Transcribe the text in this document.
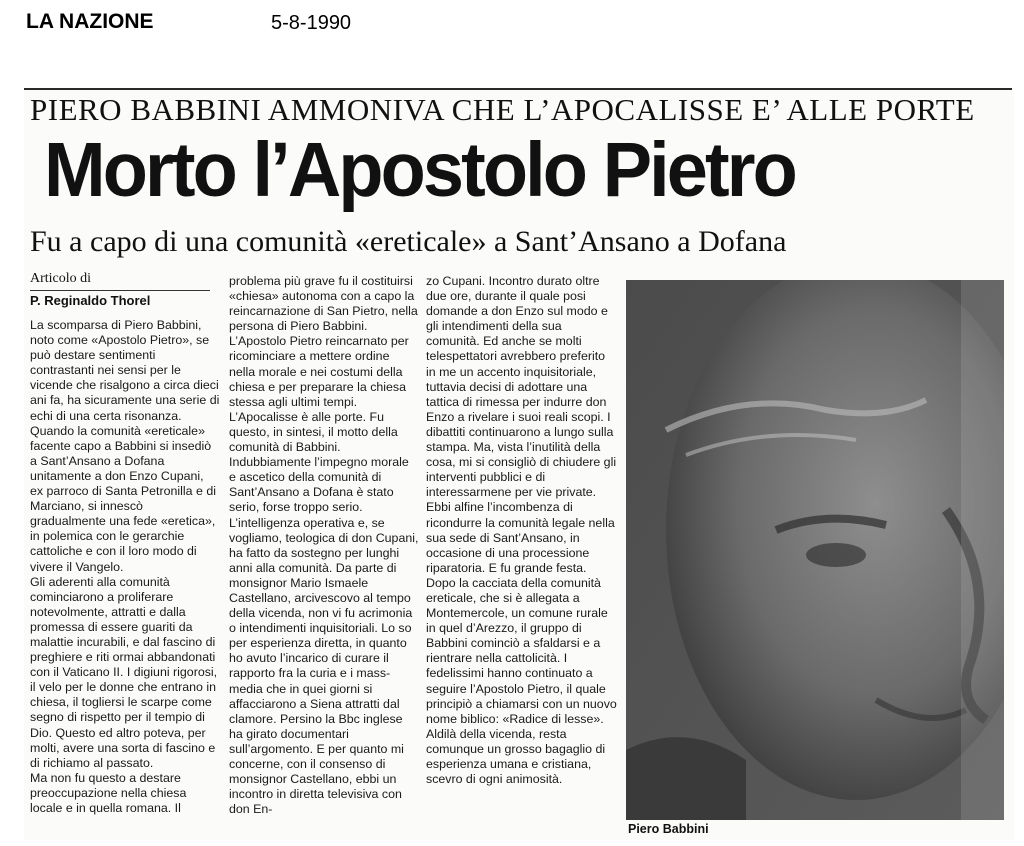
LA NAZIONE	5-8-1990
PIERO BABBINI AMMONIVA CHE L’APOCALISSE E’ ALLE PORTE
Morto l’Apostolo Pietro
Fu a capo di una comunità «ereticale» a Sant’Ansano a Dofana
Articolo di
P. Reginaldo Thorel
La scomparsa di Piero Babbini, noto come «Apostolo Pietro», se può destare sentimenti contrastanti nei sensi per le vicende che risalgono a circa dieci ani fa, ha sicuramente una serie di echi di una certa risonanza.
Quando la comunità «ereticale» facente capo a Babbini si insediò a Sant’Ansano a Dofana unitamente a don Enzo Cupani, ex parroco di Santa Petronilla e di Marciano, si innescò gradualmente una fede «eretica», in polemica con le gerarchie cattoliche e con il loro modo di vivere il Vangelo.
Gli aderenti alla comunità cominciarono a proliferare notevolmente, attratti e dalla promessa di essere guariti da malattie incurabili, e dal fascino di preghiere e riti ormai abbandonati con il Vaticano II. I digiuni rigorosi, il velo per le donne che entrano in chiesa, il togliersi le scarpe come segno di rispetto per il tempio di Dio. Questo ed altro poteva, per molti, avere una sorta di fascino e di richiamo al passato.
Ma non fu questo a destare preoccupazione nella chiesa locale e in quella romana. Il
problema più grave fu il costituirsi «chiesa» autonoma con a capo la reincarnazione di San Pietro, nella persona di Piero Babbini. L’Apostolo Pietro reincarnato per ricominciare a mettere ordine nella morale e nei costumi della chiesa e per preparare la chiesa stessa agli ultimi tempi. L’Apocalisse è alle porte. Fu questo, in sintesi, il motto della comunità di Babbini.
Indubbiamente l’impegno morale e ascetico della comunità di Sant’Ansano a Dofana è stato serio, forse troppo serio. L’intelligenza operativa e, se vogliamo, teologica di don Cupani, ha fatto da sostegno per lunghi anni alla comunità. Da parte di monsignor Mario Ismaele Castellano, arcivescovo al tempo della vicenda, non vi fu acrimonia o intendimenti inquisitoriali. Lo so per esperienza diretta, in quanto ho avuto l’incarico di curare il rapporto fra la curia e i mass-media che in quei giorni si affacciarono a Siena attratti dal clamore. Persino la Bbc inglese ha girato documentari sull’argomento. E per quanto mi concerne, con il consenso di monsignor Castellano, ebbi un incontro in diretta televisiva con don En-
zo Cupani. Incontro durato oltre due ore, durante il quale posi domande a don Enzo sul modo e gli intendimenti della sua comunità. Ed anche se molti telespettatori avrebbero preferito in me un accento inquisitoriale, tuttavia decisi di adottare una tattica di rimessa per indurre don Enzo a rivelare i suoi reali scopi. I dibattiti continuarono a lungo sulla stampa. Ma, vista l’inutilità della cosa, mi si consigliò di chiudere gli interventi pubblici e di interessarmene per vie private.
Ebbi alfine l’incombenza di ricondurre la comunità legale nella sua sede di Sant’Ansano, in occasione di una processione riparatoria. E fu grande festa.
Dopo la cacciata della comunità ereticale, che si è allegata a Montemercole, un comune rurale in quel d’Arezzo, il gruppo di Babbini cominciò a sfaldarsi e a rientrare nella cattolicità. I fedelissimi hanno continuato a seguire l’Apostolo Pietro, il quale principiò a chiamarsi con un nuovo nome biblico: «Radice di lesse». Aldilà della vicenda, resta comunque un grosso bagaglio di esperienza umana e cristiana, scevro di ogni animosità.
Piero Babbini
